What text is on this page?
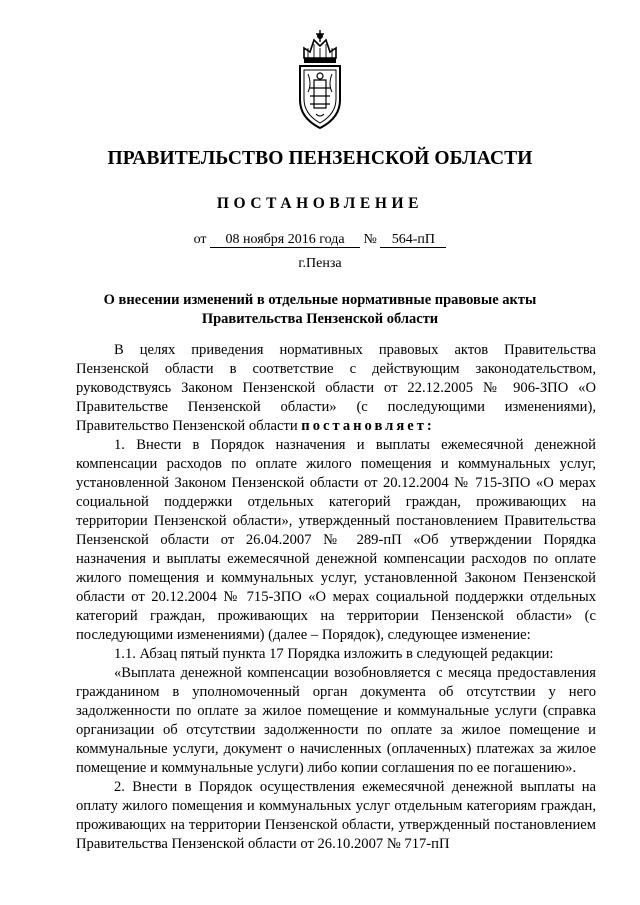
ПРАВИТЕЛЬСТВО ПЕНЗЕНСКОЙ ОБЛАСТИ
ПОСТАНОВЛЕНИЕ
от 08 ноября 2016 года № 564-пП
г.Пенза
О внесении изменений в отдельные нормативные правовые акты
Правительства Пензенской области

В целях приведения нормативных правовых актов Правительства Пензенской области в соответствие с действующим законодательством, руководствуясь Законом Пензенской области от 22.12.2005 № 906-ЗПО «О Правительстве Пензенской области» (с последующими изменениями), Правительство Пензенской области постановляет:

1. Внести в Порядок назначения и выплаты ежемесячной денежной компенсации расходов по оплате жилого помещения и коммунальных услуг, установленной Законом Пензенской области от 20.12.2004 № 715-ЗПО «О мерах социальной поддержки отдельных категорий граждан, проживающих на территории Пензенской области», утвержденный постановлением Правительства Пензенской области от 26.04.2007 № 289-пП «Об утверждении Порядка назначения и выплаты ежемесячной денежной компенсации расходов по оплате жилого помещения и коммунальных услуг, установленной Законом Пензенской области от 20.12.2004 № 715-ЗПО «О мерах социальной поддержки отдельных категорий граждан, проживающих на территории Пензенской области» (с последующими изменениями) (далее – Порядок), следующее изменение:

1.1. Абзац пятый пункта 17 Порядка изложить в следующей редакции:

«Выплата денежной компенсации возобновляется с месяца предоставления гражданином в уполномоченный орган документа об отсутствии у него задолженности по оплате за жилое помещение и коммунальные услуги (справка организации об отсутствии задолженности по оплате за жилое помещение и коммунальные услуги, документ о начисленных (оплаченных) платежах за жилое помещение и коммунальные услуги) либо копии соглашения по ее погашению».

2. Внести в Порядок осуществления ежемесячной денежной выплаты на оплату жилого помещения и коммунальных услуг отдельным категориям граждан, проживающих на территории Пензенской области, утвержденный постановлением Правительства Пензенской области от 26.10.2007 № 717-пП
